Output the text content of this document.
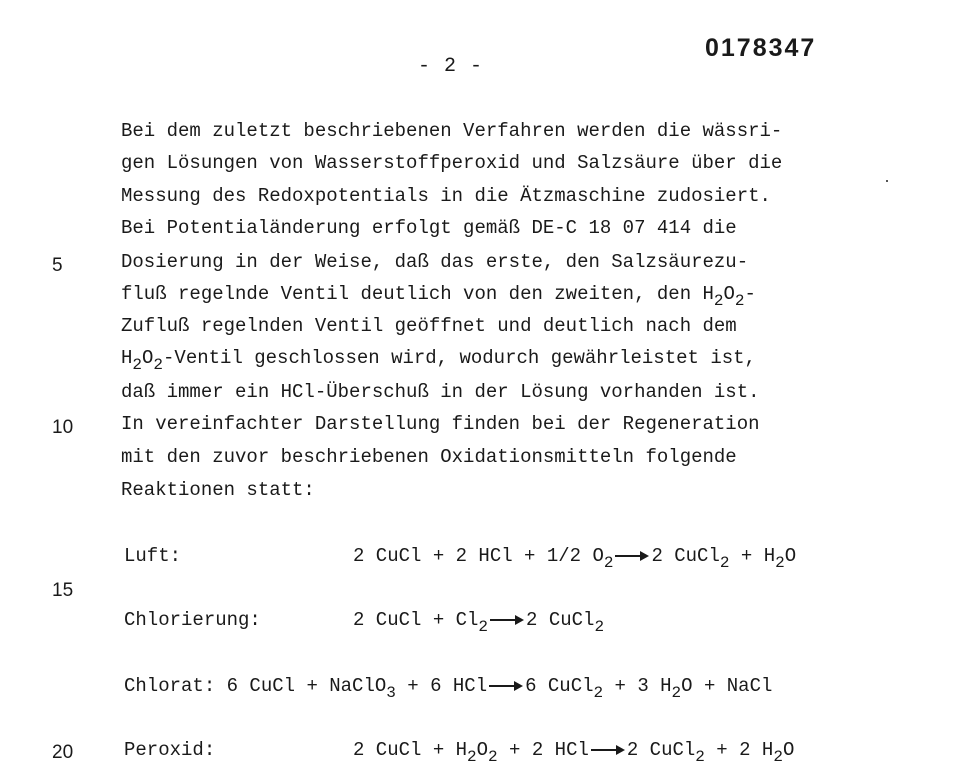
- 2 -
0178347
Bei dem zuletzt beschriebenen Verfahren werden die wässri-
gen Lösungen von Wasserstoffperoxid und Salzsäure über die
Messung des Redoxpotentials in die Ätzmaschine zudosiert.
Bei Potentialänderung erfolgt gemäß DE-C 18 07 414 die
Dosierung in der Weise, daß das erste, den Salzsäurezu-
fluß regelnde Ventil deutlich von den zweiten, den $H_2O_2-$
Zufluß regelnden Ventil geöffnet und deutlich nach dem
$H_2O_2$-Ventil geschlossen wird, wodurch gewährleistet ist,
daß immer ein HCl-Überschuß in der Lösung vorhanden ist.
In vereinfachter Darstellung finden bei der Regeneration
mit den zuvor beschriebenen Oxidationsmitteln folgende
Reaktionen statt:
5
10
15
20
Luft:	2 CuCl + 2 HCl + 1/2 $O_2$ 2 CuCl$_2$ + $H_2O$
Chlorierung:	2 CuCl + $Cl_2$ 2 CuCl$_2$
Chlorat: 6 CuCl + NaClO$_3$ + 6 HCl 6 CuCl$_2$ + 3 $H_2O$ + NaCl
Peroxid:	2 CuCl + $H_2O_2 + 2$ HCl 2 CuCl$_2$ + 2 $H_2O$
